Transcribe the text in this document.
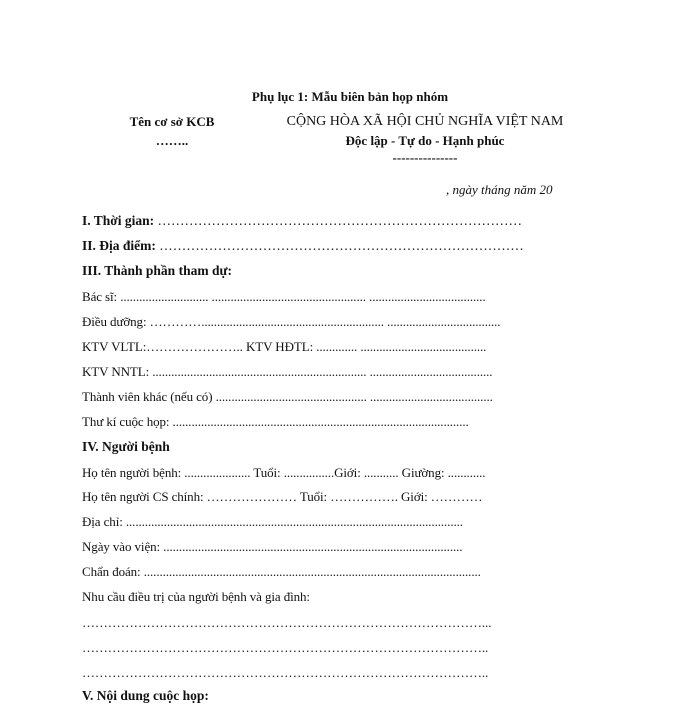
Phụ lục 1: Mẫu biên bản họp nhóm
Tên cơ sở KCB
……..
CỘNG HÒA XÃ HỘI CHỦ NGHĨA VIỆT NAM
Độc lập - Tự do - Hạnh phúc
---------------
, ngày tháng năm 20
I. Thời gian: ………………………………………………………………………
II. Địa điểm: ………………………………………………………………………
III. Thành phần tham dự:
Bác sĩ: ............................ ................................................. .....................................
Điều dưỡng: ………….......................................................... ....................................
KTV VLTL:………………….. KTV HĐTL: ............. ........................................
KTV NNTL: .................................................................... .......................................
Thành viên khác (nếu có) ................................................ .......................................
Thư kí cuộc họp: ..............................................................................................
IV. Người bệnh
Họ tên người bệnh: ..................... Tuổi: ................Giới: ........... Giường: ............
Họ tên người CS chính: ………………… Tuổi: ……………. Giới: …………
Địa chỉ: ...........................................................................................................
Ngày vào viện: ...............................................................................................
Chẩn đoán: ...........................................................................................................
Nhu cầu điều trị của người bệnh và gia đình:
…………………………………………………………………………………...
…………………………………………………………………………………..
…………………………………………………………………………………..
V. Nội dung cuộc họp:
